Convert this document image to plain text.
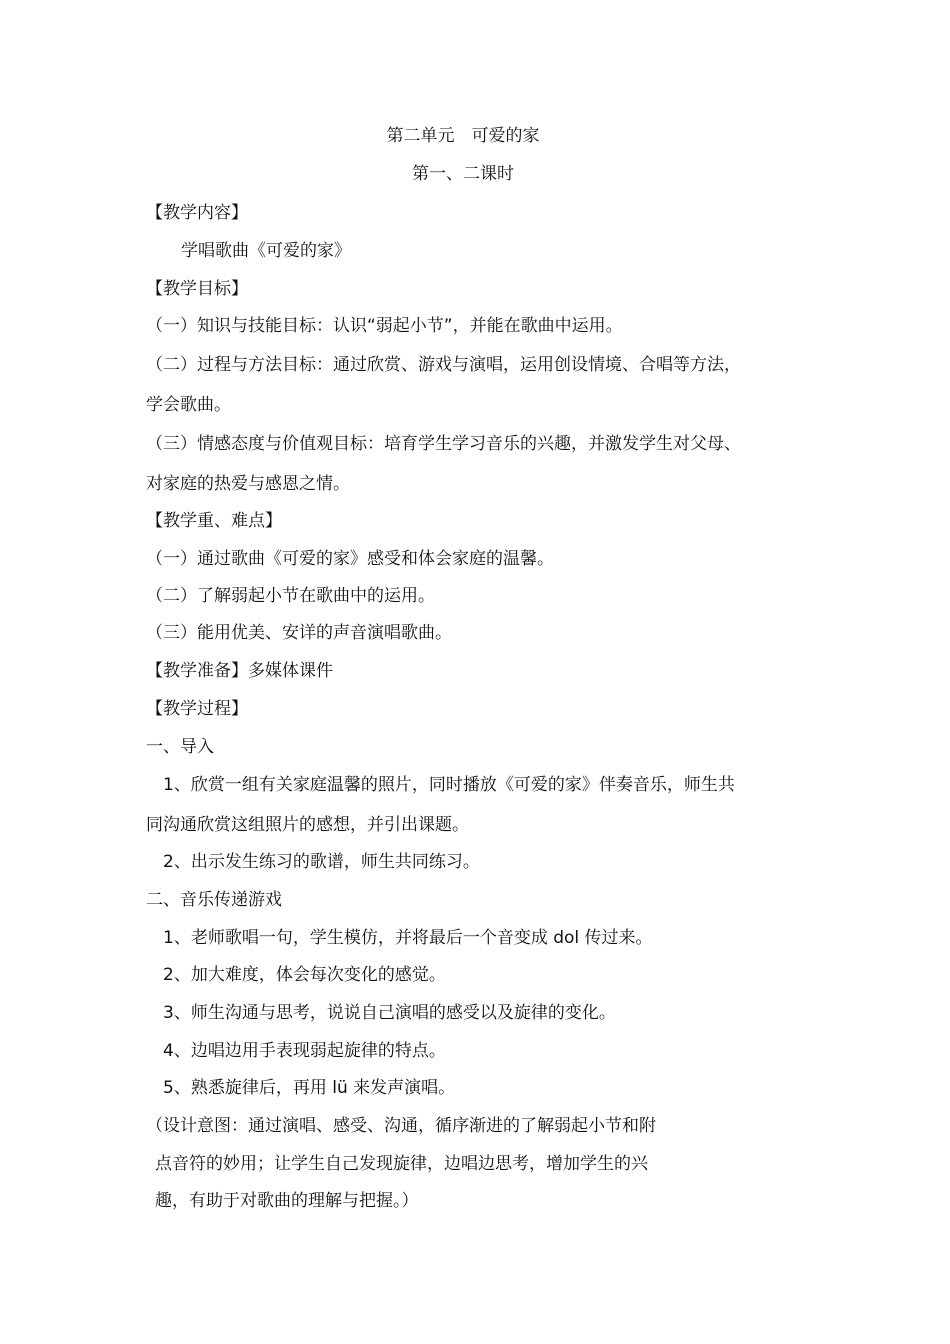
第二单元　可爱的家
第一、二课时
【教学内容】
学唱歌曲《可爱的家》
【教学目标】
（一）知识与技能目标：认识“弱起小节”，并能在歌曲中运用。
（二）过程与方法目标：通过欣赏、游戏与演唱，运用创设情境、合唱等方法，
学会歌曲。
（三）情感态度与价值观目标：培育学生学习音乐的兴趣，并激发学生对父母、
对家庭的热爱与感恩之情。
【教学重、难点】
（一）通过歌曲《可爱的家》感受和体会家庭的温馨。
（二）了解弱起小节在歌曲中的运用。
（三）能用优美、安详的声音演唱歌曲。
【教学准备】多媒体课件
【教学过程】
一、导入
1、欣赏一组有关家庭温馨的照片，同时播放《可爱的家》伴奏音乐，师生共
同沟通欣赏这组照片的感想，并引出课题。
2、出示发生练习的歌谱，师生共同练习。
二、音乐传递游戏
1、老师歌唱一句，学生模仿，并将最后一个音变成 dol 传过来。
2、加大难度，体会每次变化的感觉。
3、师生沟通与思考，说说自己演唱的感受以及旋律的变化。
4、边唱边用手表现弱起旋律的特点。
5、熟悉旋律后，再用 lü 来发声演唱。
（设计意图：通过演唱、感受、沟通，循序渐进的了解弱起小节和附
点音符的妙用；让学生自己发现旋律，边唱边思考，增加学生的兴
趣，有助于对歌曲的理解与把握。）
